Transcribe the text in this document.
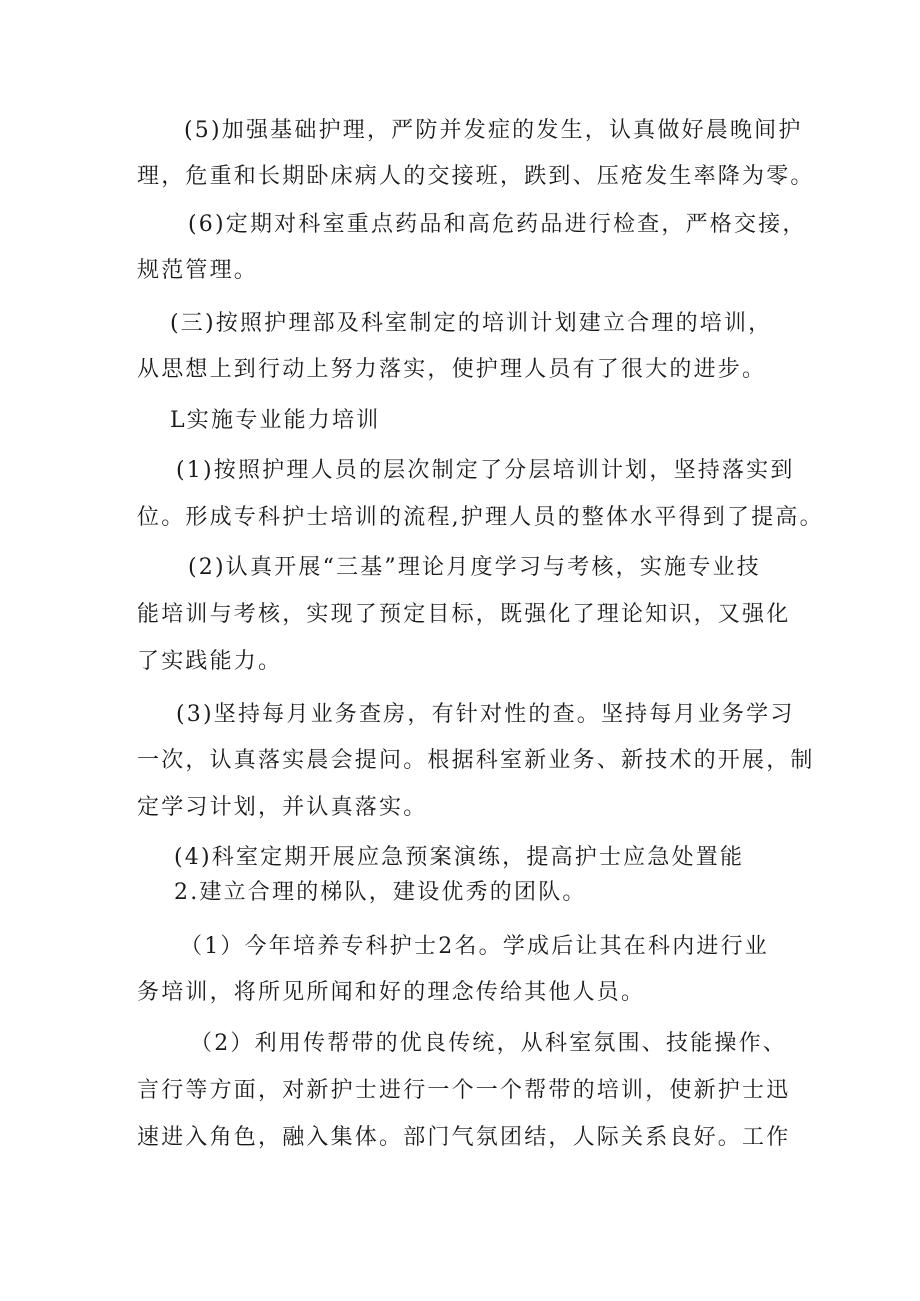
(5)加强基础护理，严防并发症的发生，认真做好晨晚间护
理，危重和长期卧床病人的交接班，跌到、压疮发生率降为零。
(6)定期对科室重点药品和高危药品进行检查，严格交接，
规范管理。
(三)按照护理部及科室制定的培训计划建立合理的培训，
从思想上到行动上努力落实，使护理人员有了很大的进步。
L实施专业能力培训
(1)按照护理人员的层次制定了分层培训计划，坚持落实到
位。形成专科护士培训的流程,护理人员的整体水平得到了提高。
(2)认真开展“三基”理论月度学习与考核，实施专业技
能培训与考核，实现了预定目标，既强化了理论知识，又强化
了实践能力。
(3)坚持每月业务查房，有针对性的查。坚持每月业务学习
一次，认真落实晨会提问。根据科室新业务、新技术的开展，制
定学习计划，并认真落实。
(4)科室定期开展应急预案演练，提高护士应急处置能
2.建立合理的梯队，建设优秀的团队。
（1）今年培养专科护士2名。学成后让其在科内进行业
务培训，将所见所闻和好的理念传给其他人员。
（2）利用传帮带的优良传统，从科室氛围、技能操作、
言行等方面，对新护士进行一个一个帮带的培训，使新护士迅
速进入角色，融入集体。部门气氛团结，人际关系良好。工作
